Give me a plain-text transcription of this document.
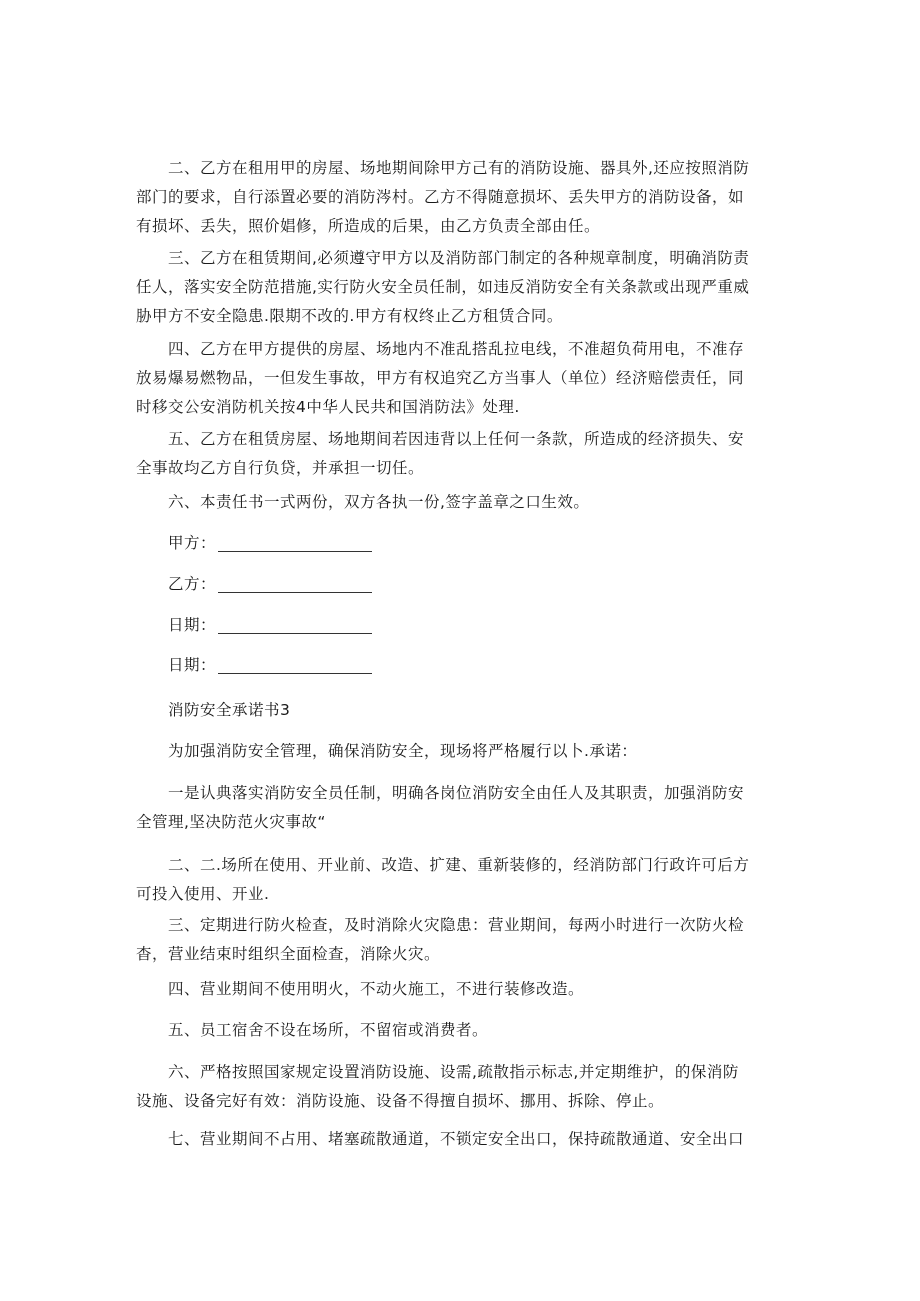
二、乙方在租用甲的房屋、场地期间除甲方己有的消防设施、器具外,还应按照消防
部门的要求，自行添置必要的消防涔村。乙方不得随意损坏、丢失甲方的消防设备，如
有损坏、丢失，照价娼修，所造成的后果，由乙方负责全部由任。
三、乙方在租赁期间,必须遵守甲方以及消防部门制定的各种规章制度，明确消防责
任人，落实安全防范措施,实行防火安全员任制，如违反消防安全有关条款或出现严重威
胁甲方不安全隐患.限期不改的.甲方有权终止乙方租赁合同。
四、乙方在甲方提供的房屋、场地内不准乱搭乱拉电线，不准超负荷用电，不准存
放易爆易燃物品，一但发生事故，甲方有权追究乙方当事人（单位）经济赔偿责任，同
时移交公安消防机关按4中华人民共和国消防法》处理.
五、乙方在租赁房屋、场地期间若因违背以上任何一条款，所造成的经济损失、安
全事故均乙方自行负贷，并承担一切任。
六、本责任书一式两份，双方各执一份,签字盖章之口生效。
甲方：
乙方：
日期：
日期：
消防安全承诺书3
为加强消防安全管理，确保消防安全，现场将严格履行以卜.承诺：
一是认典落实消防安全员任制，明确各岗位消防安全由任人及其职责，加强消防安
全管理,坚决防范火灾事故“
二、二.场所在使用、开业前、改造、扩建、重新装修的，经消防部门行政许可后方
可投入使用、开业.
三、定期进行防火检查，及时消除火灾隐患：营业期间，每两小时进行一次防火检
杳，营业结束时组织全面检查，消除火灾。
四、营业期间不使用明火，不动火施工，不进行装修改造。
五、员工宿舍不设在场所，不留宿或消费者。
六、严格按照国家规定设置消防设施、设需,疏散指示标志,并定期维护，的保消防
设施、设备完好有效：消防设施、设备不得擅自损坏、挪用、拆除、停止。
七、营业期间不占用、堵塞疏散通道，不锁定安全出口，保持疏散通道、安全出口
